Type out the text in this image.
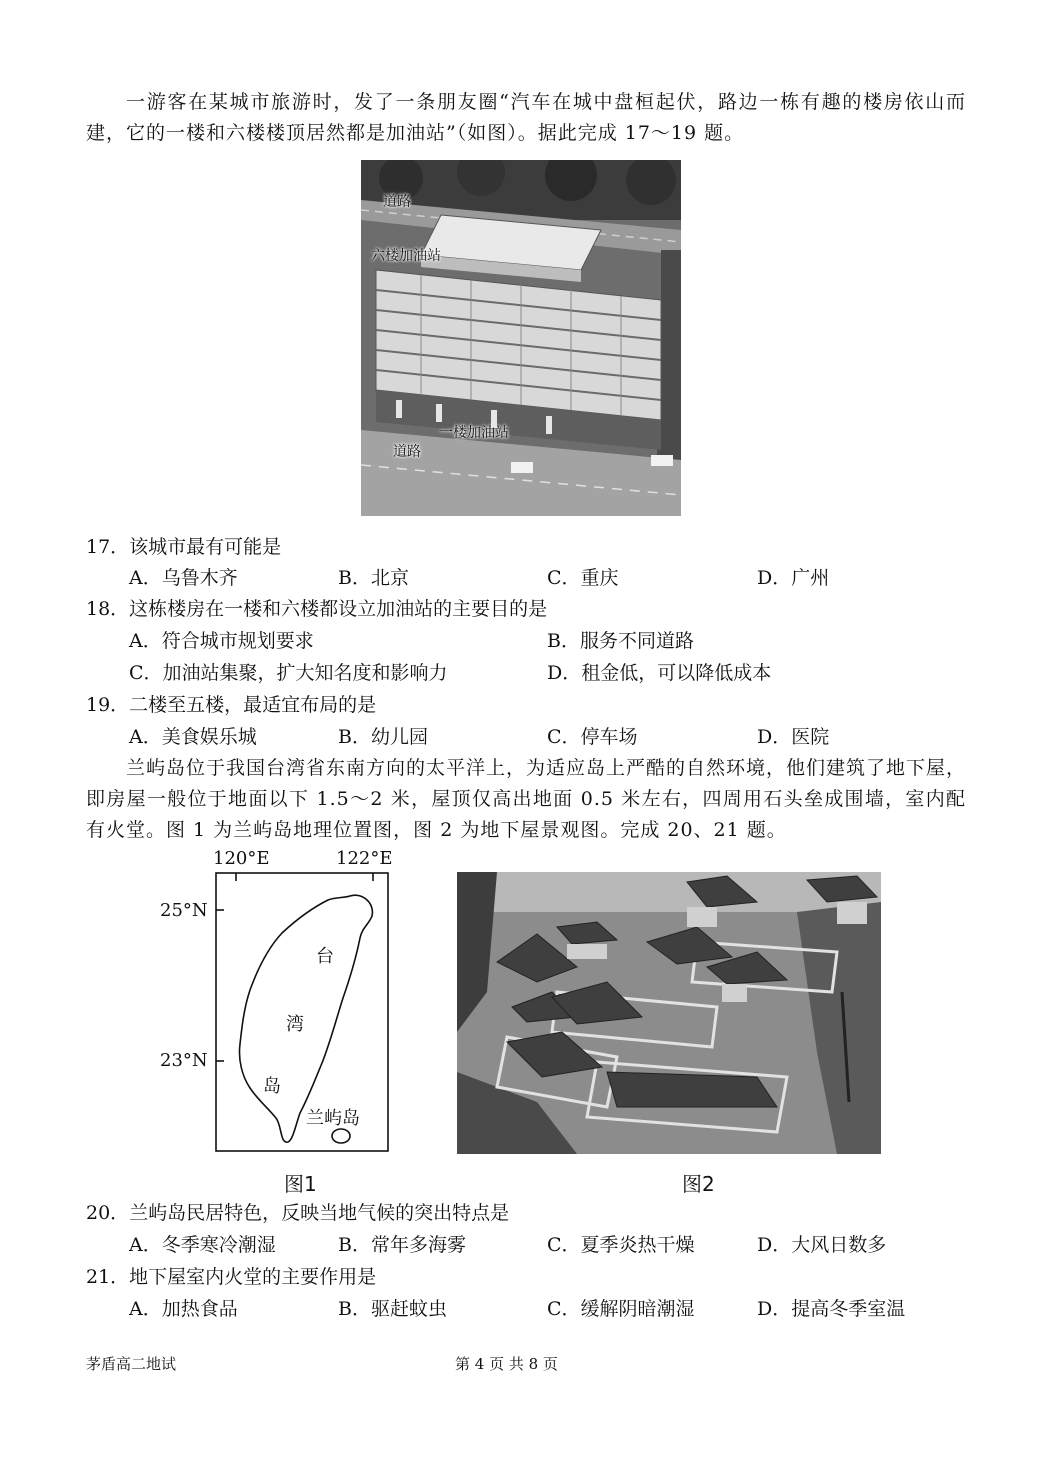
一游客在某城市旅游时，发了一条朋友圈“汽车在城中盘桓起伏，路边一栋有趣的楼房依山而建，它的一楼和六楼楼顶居然都是加油站”（如图）。据此完成 17～19 题。

道路
六楼加油站
一楼加油站
道路
17．该城市最有可能是
A．乌鲁木齐	B．北京	C．重庆	D．广州
18．这栋楼房在一楼和六楼都设立加油站的主要目的是
A．符合城市规划要求	B．服务不同道路
C．加油站集聚，扩大知名度和影响力	D．租金低，可以降低成本
19．二楼至五楼，最适宜布局的是
A．美食娱乐城	B．幼儿园	C．停车场	D．医院

兰屿岛位于我国台湾省东南方向的太平洋上，为适应岛上严酷的自然环境，他们建筑了地下屋，即房屋一般位于地面以下 1.5～2 米，屋顶仅高出地面 0.5 米左右，四周用石头垒成围墙，室内配有火堂。图 1 为兰屿岛地理位置图，图 2 为地下屋景观图。完成 20、21 题。

120°E	122°E
25°N
23°N
台
湾
岛
兰屿岛
图1	图2
20．兰屿岛民居特色，反映当地气候的突出特点是
A．冬季寒冷潮湿	B．常年多海雾	C．夏季炎热干燥	D．大风日数多
21．地下屋室内火堂的主要作用是
A．加热食品	B．驱赶蚊虫	C．缓解阴暗潮湿	D．提高冬季室温
茅盾高二地试	第 4 页 共 8 页
